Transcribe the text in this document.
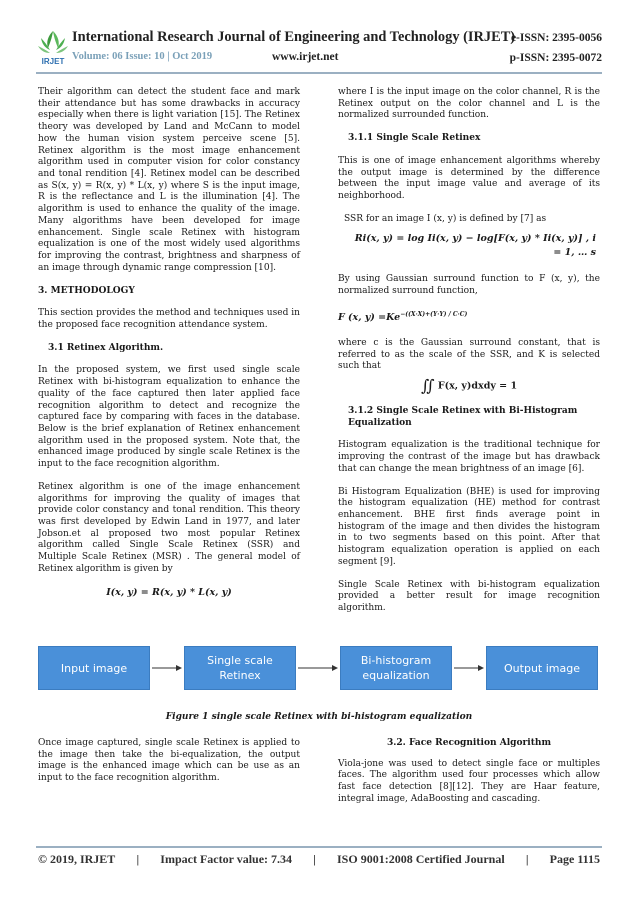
IRJET
International Research Journal of Engineering and Technology (IRJET)
e-ISSN: 2395-0056
Volume: 06 Issue: 10 | Oct 2019	www.irjet.net	p-ISSN: 2395-0072

Their algorithm can detect the student face and mark their attendance but has some drawbacks in accuracy especially when there is light variation [15]. The Retinex theory was developed by Land and McCann to model how the human vision system perceive scene [5]. Retinex algorithm is the most image enhancement algorithm used in computer vision for color constancy and tonal rendition [4]. Retinex model can be described as S(x, y) = R(x, y) * L(x, y) where S is the input image, R is the reflectance and L is the illumination [4]. The algorithm is used to enhance the quality of the image. Many algorithms have been developed for image enhancement. Single scale Retinex with histogram equalization is one of the most widely used algorithms for improving the contrast, brightness and sharpness of an image through dynamic range compression [10].

3. METHODOLOGY

This section provides the method and techniques used in the proposed face recognition attendance system.

3.1 Retinex Algorithm.

In the proposed system, we first used single scale Retinex with bi-histogram equalization to enhance the quality of the face captured then later applied face recognition algorithm to detect and recognize the captured face by comparing with faces in the database. Below is the brief explanation of Retinex enhancement algorithm used in the proposed system. Note that, the enhanced image produced by single scale Retinex is the input to the face recognition algorithm.

Retinex algorithm is one of the image enhancement algorithms for improving the quality of images that provide color constancy and tonal rendition. This theory was first developed by Edwin Land in 1977, and later Jobson.et al proposed two most popular Retinex algorithm called Single Scale Retinex (SSR) and Multiple Scale Retinex (MSR) . The general model of Retinex algorithm is given by

I(x, y) = R(x, y) * L(x, y)

where I is the input image on the color channel, R is the Retinex output on the color channel and L is the normalized surrounded function.

3.1.1 Single Scale Retinex

This is one of image enhancement algorithms whereby the output image is determined by the difference between the input image value and average of its neighborhood.

SSR for an image I (x, y) is defined by [7] as

Ri(x, y) = log Ii(x, y) − log[F(x, y) * Ii(x, y)] , i
= 1, … s

By using Gaussian surround function to F (x, y), the normalized surround function,

F (x, $y) =Ke^{-((X\cdot X)+(Y\cdot Y) / C\cdot C)}$

where c is the Gaussian surround constant, that is referred to as the scale of the SSR, and K is selected such that

∬ F(x, y)dxdy = 1
3.1.2 Single Scale Retinex with Bi-Histogram Equalization

Histogram equalization is the traditional technique for improving the contrast of the image but has drawback that can change the mean brightness of an image [6].

Bi Histogram Equalization (BHE) is used for improving the histogram equalization (HE) method for contrast enhancement. BHE first finds average point in histogram of the image and then divides the histogram in to two segments based on this point. After that histogram equalization operation is applied on each segment [9].

Single Scale Retinex with bi-histogram equalization provided a better result for image recognition algorithm.

Input image
Single scale Retinex
Bi-histogram equalization
Output image
Figure 1 single scale Retinex with bi-histogram equalization

Once image captured, single scale Retinex is applied to the image then take the bi-equalization, the output image is the enhanced image which can be use as an input to the face recognition algorithm.

3.2. Face Recognition Algorithm

Viola-jone was used to detect single face or multiples faces. The algorithm used four processes which allow fast face detection [8][12]. They are Haar feature, integral image, AdaBoosting and cascading.

© 2019, IRJET | Impact Factor value: 7.34 | ISO 9001:2008 Certified Journal | Page 1115
